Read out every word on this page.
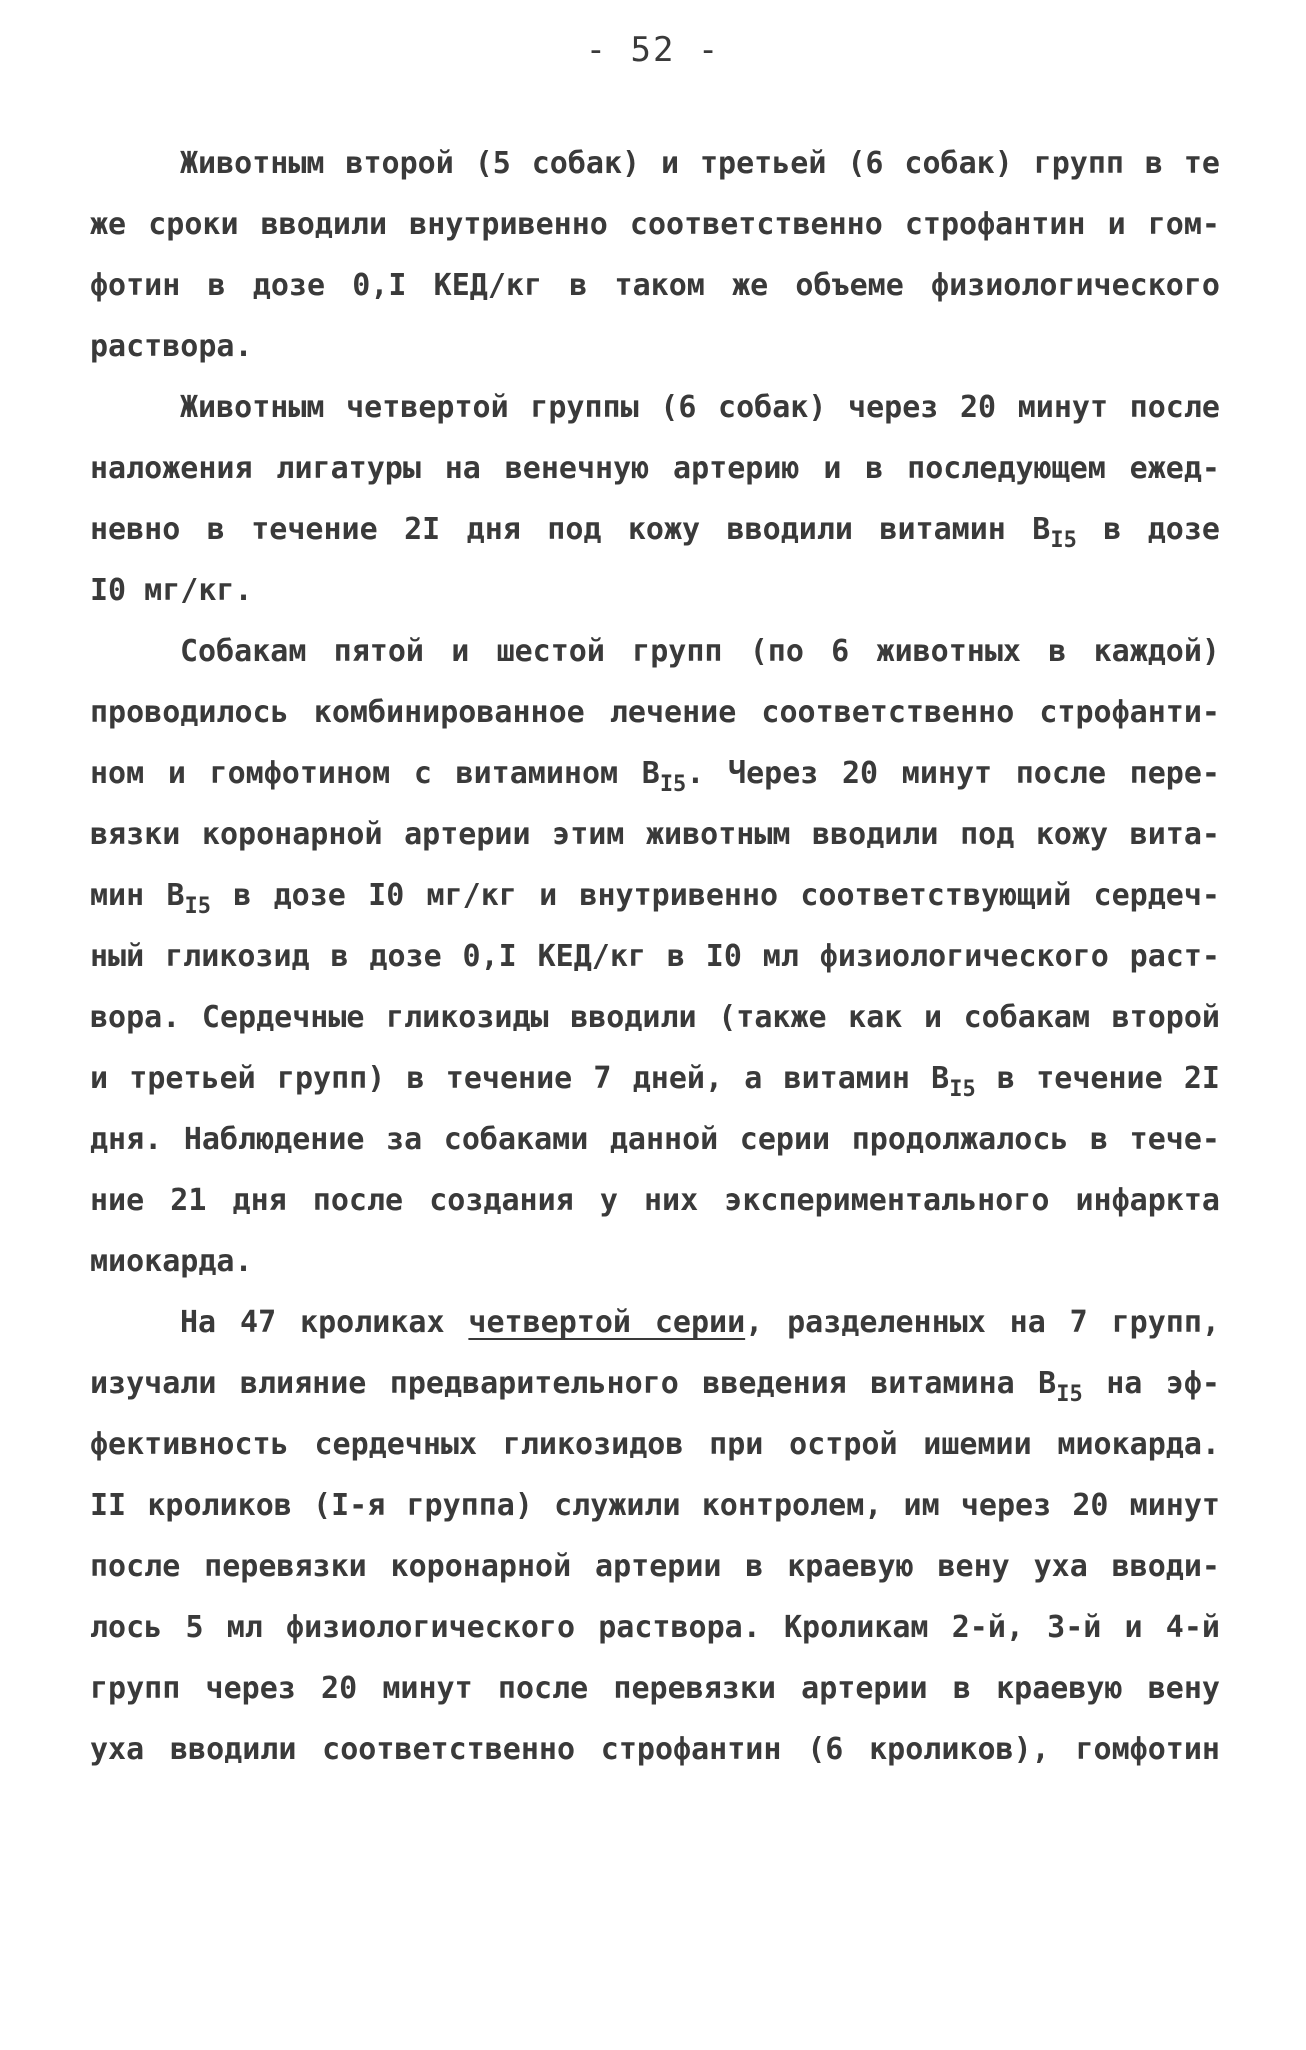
- 52 -
Животным второй (5 собак) и третьей (6 собак) групп в те
же сроки вводили внутривенно соответственно строфантин и гом-
фотин в дозе 0,I КЕД/кг в таком же объеме физиологического
раствора.
Животным четвертой группы (6 собак) через 20 минут после
наложения лигатуры на венечную артерию и в последующем ежед-
невно в течение 2I дня под кожу вводили витамин $В_{I5}$ в дозе
I0 мг/кг.
Собакам пятой и шестой групп (по 6 животных в каждой)
проводилось комбинированное лечение соответственно строфанти-
ном и гомфотином с витамином $В_{I5}$. Через 20 минут после пере-
вязки коронарной артерии этим животным вводили под кожу вита-
мин $В_{I5}$ в дозе I0 мг/кг и внутривенно соответствующий сердеч-
ный гликозид в дозе 0,I КЕД/кг в I0 мл физиологического раст-
вора. Сердечные гликозиды вводили (также как и собакам второй
и третьей групп) в течение 7 дней, а витамин $В_{I5}$ в течение 2I
дня. Наблюдение за собаками данной серии продолжалось в тече-
ние 21 дня после создания у них экспериментального инфаркта
миокарда.
На 47 кроликах четвертой серии, разделенных на 7 групп,
изучали влияние предварительного введения витамина $В_{I5}$ на эф-
фективность сердечных гликозидов при острой ишемии миокарда.
II кроликов (I-я группа) служили контролем, им через 20 минут
после перевязки коронарной артерии в краевую вену уха вводи-
лось 5 мл физиологического раствора. Кроликам 2-й, 3-й и 4-й
групп через 20 минут после перевязки артерии в краевую вену
уха вводили соответственно строфантин (6 кроликов), гомфотин
